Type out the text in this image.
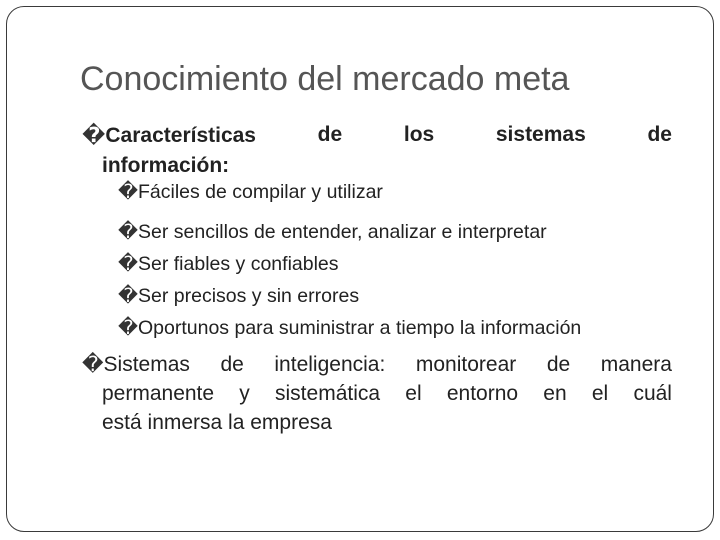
Conocimiento del mercado meta
�Características	de	los	sistemas	de
información:
�Fáciles de compilar y utilizar
�Ser sencillos de entender, analizar e interpretar
�Ser fiables y confiables
�Ser precisos y sin errores
�Oportunos para suministrar a tiempo la información
�Sistemas de inteligencia: monitorear de manera
permanente y sistemática el entorno en el cuál
está inmersa la empresa
